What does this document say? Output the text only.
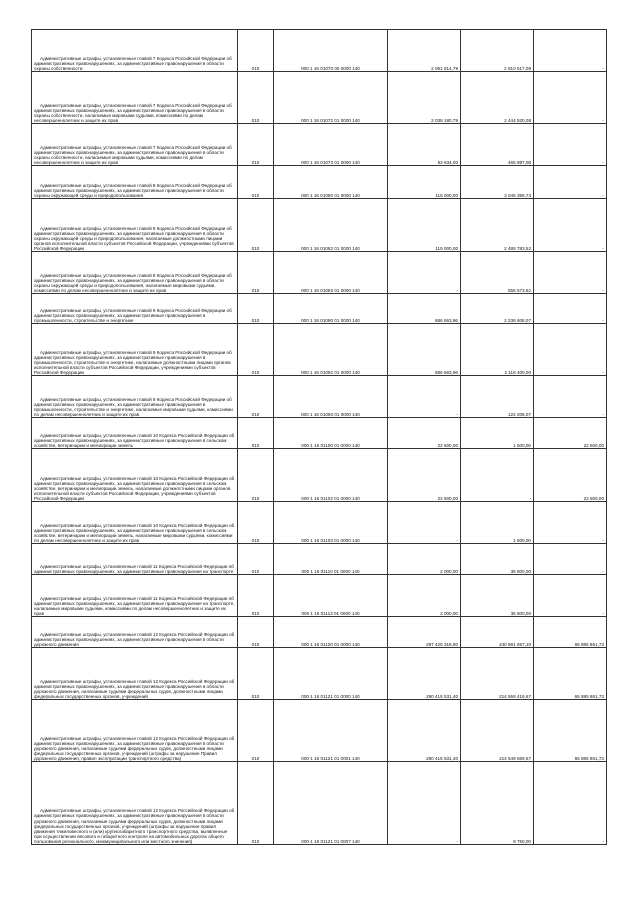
Административные штрафы, установленные главой 7 Кодекса Российской Федерации об административных правонарушениях, за административные правонарушения в области охраны собственности	010	000 1 16 01070 00 0000 140	2 091 814,79	2 910 517,08	-

Административные штрафы, установленные главой 7 Кодекса Российской Федерации об административных правонарушениях, за административные правонарушения в области охраны собственности, налагаемые мировыми судьями, комиссиями по делам несовершеннолетних и защите их прав	010	000 1 16 01072 01 0000 140	2 038 180,79	2 444 520,08	-

Административные штрафы, установленные главой 7 Кодекса Российской Федерации об административных правонарушениях, за административные правонарушения в области охраны собственности, налагаемые мировыми судьями, комиссиями по делам несовершеннолетних и защите их прав	010	000 1 16 01073 01 0000 140	53 634,00	465 997,08	-

Административные штрафы, установленные главой 8 Кодекса Российской Федерации об административных правонарушениях, за административные правонарушения в области охраны окружающей среды и природопользования	010	000 1 16 01080 01 0000 140	115 000,00	3 045 356,74	-

Административные штрафы, установленные главой 8 Кодекса Российской Федерации об административных правонарушениях, за административные правонарушения в области охраны окружающей среды и природопользования, налагаемые должностными лицами органов исполнительной власти субъектов Российской Федерации, учреждениями субъектов Российской Федерации	010	000 1 16 01082 01 0000 140	115 000,00	2 488 783,52	-

Административные штрафы, установленные главой 8 Кодекса Российской Федерации об административных правонарушениях, за административные правонарушения в области охраны окружающей среды и природопользования, налагаемые мировыми судьями, комиссиями по делам несовершеннолетних и защите их прав	010	000 1 16 01083 01 0000 140	-	556 573,62	-

Административные штрафы, установленные главой 9 Кодекса Российской Федерации об административных правонарушениях, за административные правонарушения в промышленности, строительстве и энергетике	010	000 1 16 01090 01 0000 140	686 663,96	2 238 608,07	-

Административные штрафы, установленные главой 9 Кодекса Российской Федерации об административных правонарушениях, за административные правонарушения в промышленности, строительстве и энергетике, налагаемые должностными лицами органов исполнительной власти субъектов Российской Федерации, учреждениями субъектов Российской Федерации	010	000 1 16 01092 01 0000 140	686 663,96	2 116 400,00	-

Административные штрафы, установленные главой 9 Кодекса Российской Федерации об административных правонарушениях, за административные правонарушения в промышленности, строительстве и энергетике, налагаемые мировыми судьями, комиссиями по делам несовершеннолетних и защите их прав	010	000 1 16 01093 01 0000 140	-	122 208,07	-

Административные штрафы, установленные главой 10 Кодекса Российской Федерации об административных правонарушениях, за административные правонарушения в сельском хозяйстве, ветеринарии и мелиорации земель	010	000 1 16 01100 01 0000 140	22 500,00	1 500,00	22 500,00

Административные штрафы, установленные главой 10 Кодекса Российской Федерации об административных правонарушениях, за административные правонарушения в сельском хозяйстве, ветеринарии и мелиорации земель, налагаемые должностными лицами органов исполнительной власти субъектов Российской Федерации, учреждениями субъектов Российской Федерации	010	000 1 16 01102 01 0000 140	22 500,00	-	22 500,00

Административные штрафы, установленные главой 10 Кодекса Российской Федерации об административных правонарушениях, за административные правонарушения в сельском хозяйстве, ветеринарии и мелиорации земель, налагаемые мировыми судьями, комиссиями по делам несовершеннолетних и защите их прав	010	000 1 16 01103 01 0000 140	-	1 500,00	-

Административные штрафы, установленные главой 11 Кодекса Российской Федерации об административных правонарушениях, за административные правонарушения на транспорте	010	000 1 16 01110 01 0000 140	2 000,00	35 800,00	-

Административные штрафы, установленные главой 11 Кодекса Российской Федерации об административных правонарушениях, за административные правонарушения на транспорте, налагаемые мировыми судьями, комиссиями по делам несовершеннолетних и защите их прав	010	000 1 16 01113 01 0000 140	2 000,00	35 800,00	-

Административные штрафы, установленные главой 12 Кодекса Российской Федерации об административных правонарушениях, за административные правонарушения в области дорожного движения	010	000 1 16 01120 01 0000 140	287 425 318,90	240 881 657,10	65 885 861,73

Административные штрафы, установленные главой 12 Кодекса Российской Федерации об административных правонарушениях, за административные правонарушения в области дорожного движения, налагаемые судьями федеральных судов, должностными лицами федеральных государственных органов, учреждений	010	000 1 16 01121 01 0000 140	280 415 531,40	214 559 419,67	65 885 861,73

Административные штрафы, установленные главой 12 Кодекса Российской Федерации об административных правонарушениях, за административные правонарушения в области дорожного движения, налагаемые судьями федеральных судов, должностными лицами федеральных государственных органов, учреждений (штрафы за нарушение Правил дорожного движения, правил эксплуатации транспортного средства)	010	000 1 16 01121 01 0001 140	280 415 531,40	214 549 669,67	65 885 861,73

Административные штрафы, установленные главой 12 Кодекса Российской Федерации об административных правонарушениях, за административные правонарушения в области дорожного движения, налагаемые судьями федеральных судов, должностными лицами федеральных государственных органов, учреждений (штрафы за нарушение правил движения тяжеловесного и (или) крупногабаритного транспортного средства, выявленные при осуществлении весового и габаритного контроля на автомобильных дорогах общего пользования регионального, межмуниципального или местного значения)	010	000 1 16 01121 01 0007 140	-	9 750,00	-
